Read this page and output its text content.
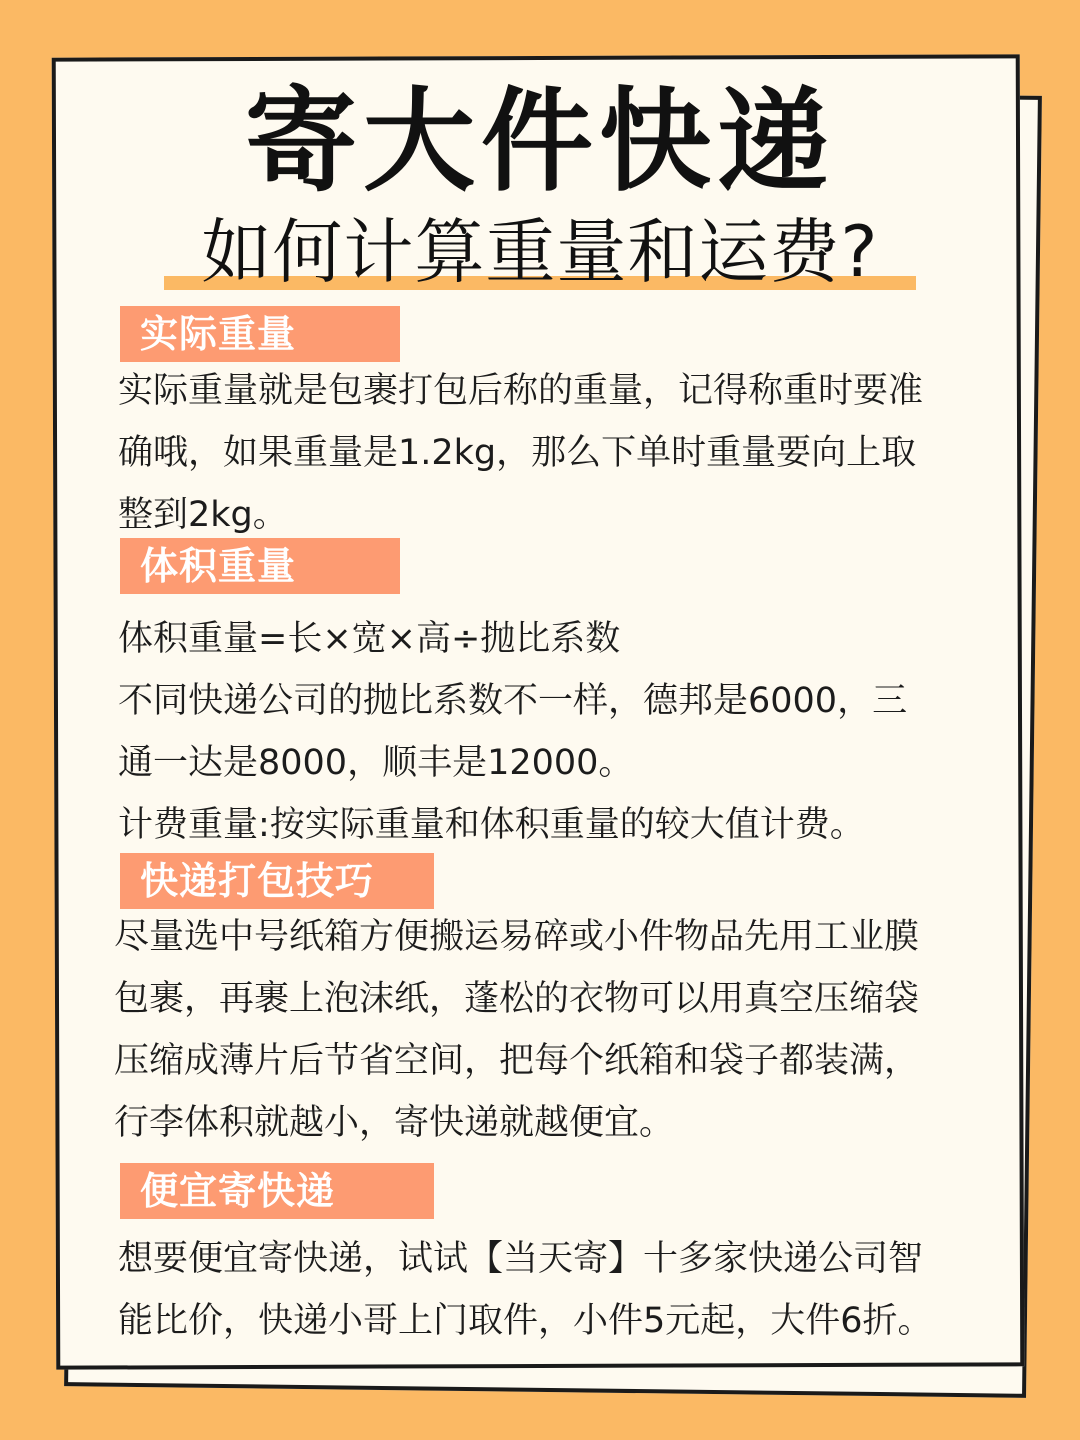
寄大件快递
如何计算重量和运费?
实际重量
实际重量就是包裹打包后称的重量，记得称重时要准
确哦，如果重量是1.2kg，那么下单时重量要向上取
整到2kg。
体积重量
体积重量=长×宽×高÷抛比系数
不同快递公司的抛比系数不一样，德邦是6000，三
通一达是8000，顺丰是12000。
计费重量:按实际重量和体积重量的较大值计费。
快递打包技巧
尽量选中号纸箱方便搬运易碎或小件物品先用工业膜
包裹，再裹上泡沫纸，蓬松的衣物可以用真空压缩袋
压缩成薄片后节省空间，把每个纸箱和袋子都装满，
行李体积就越小，寄快递就越便宜。
便宜寄快递
想要便宜寄快递，试试【当天寄】十多家快递公司智
能比价，快递小哥上门取件，小件5元起，大件6折。
